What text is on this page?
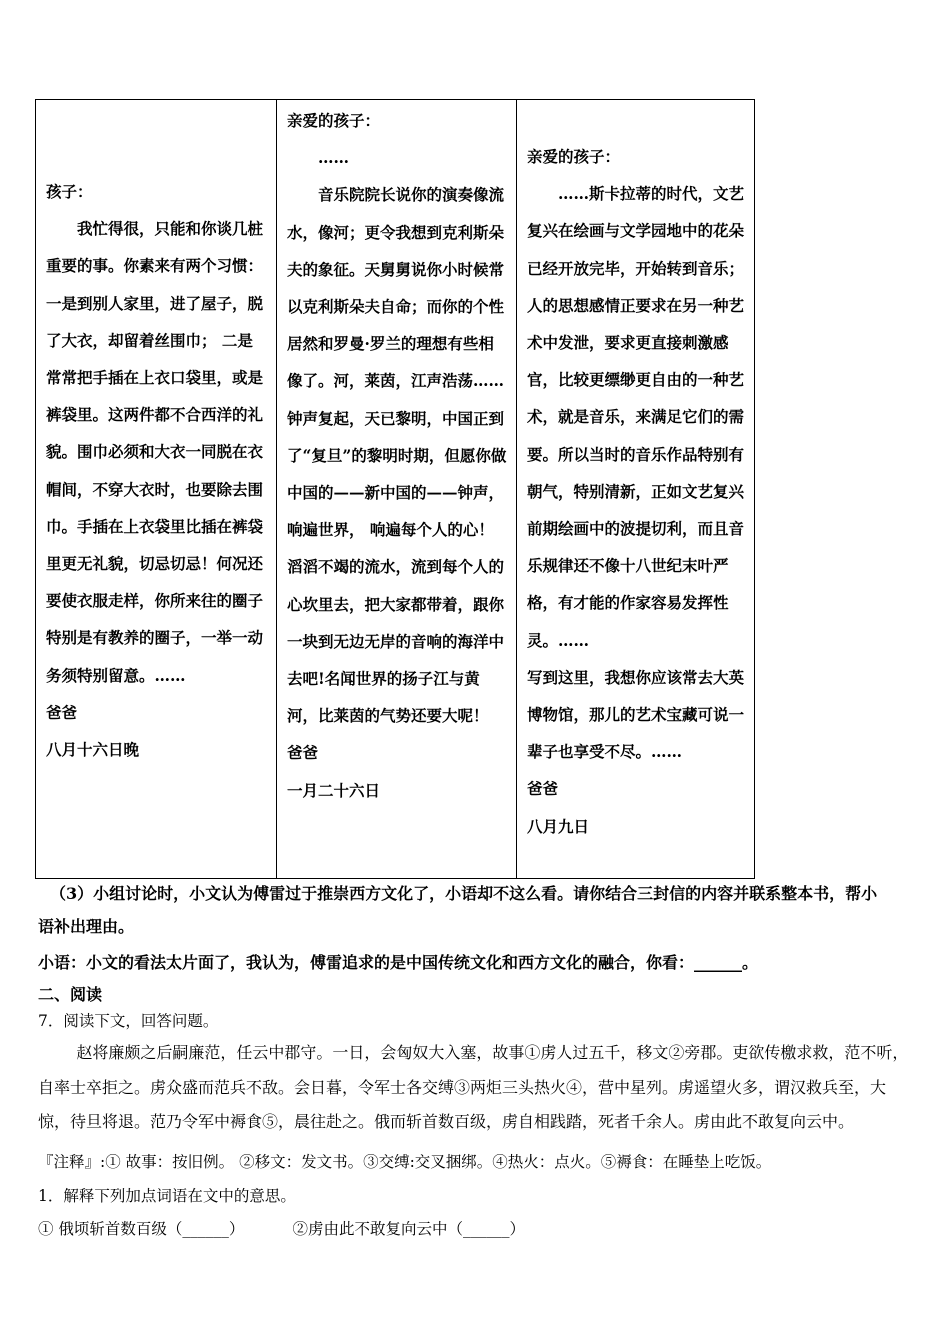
孩子：

我忙得很，只能和你谈几桩重要的事。你素来有两个习惯：一是到别人家里，进了屋子，脱了大衣，却留着丝围巾； 二是常常把手插在上衣口袋里，或是裤袋里。这两件都不合西洋的礼貌。围巾必须和大衣一同脱在衣帽间，不穿大衣时，也要除去围巾。手插在上衣袋里比插在裤袋里更无礼貌，切忌切忌！何况还要使衣服走样，你所来往的圈子特别是有教养的圈子，一举一动务须特别留意。……

爸爸

八月十六日晚

亲爱的孩子：

……

音乐院院长说你的演奏像流水，像河；更令我想到克利斯朵夫的象征。天舅舅说你小时候常以克利斯朵夫自命；而你的个性居然和罗曼·罗兰的理想有些相像了。河，莱茵，江声浩荡……钟声复起，天已黎明，中国正到了“复旦”的黎明时期，但愿你做中国的——新中国的——钟声，响遍世界， 响遍每个人的心！滔滔不竭的流水，流到每个人的心坎里去，把大家都带着，跟你一块到无边无岸的音响的海洋中去吧!名闻世界的扬子江与黄河，比莱茵的气势还要大呢！

爸爸

一月二十六日

亲爱的孩子：

……斯卡拉蒂的时代，文艺复兴在绘画与文学园地中的花朵已经开放完毕，开始转到音乐；人的思想感情正要求在另一种艺术中发泄，要求更直接刺激感官，比较更缥缈更自由的一种艺术，就是音乐，来满足它们的需要。所以当时的音乐作品特别有朝气，特别清新，正如文艺复兴前期绘画中的波提切利，而且音乐规律还不像十八世纪末叶严格，有才能的作家容易发挥性灵。……

写到这里，我想你应该常去大英博物馆，那儿的艺术宝藏可说一辈子也享受不尽。……

爸爸

八月九日

（3）小组讨论时，小文认为傅雷过于推崇西方文化了，小语却不这么看。请你结合三封信的内容并联系整本书，帮小
语补出理由。
小语：小文的看法太片面了，我认为，傅雷追求的是中国传统文化和西方文化的融合，你看：______。
二、阅读
7．阅读下文，回答问题。

赵将廉颇之后嗣廉范，任云中郡守。一日，会匈奴大入塞，故事①虏人过五千，移文②旁郡。吏欲传檄求救，范不听，自率士卒拒之。虏众盛而范兵不敌。会日暮，令军士各交缚③两炬三头热火④，营中星列。虏遥望火多，谓汉救兵至，大惊，待旦将退。范乃令军中褥食⑤，晨往赴之。俄而斩首数百级，虏自相践踏，死者千余人。虏由此不敢复向云中。

『注释』:① 故事：按旧例。 ②移文：发文书。③交缚:交叉捆绑。④热火：点火。⑤褥食：在睡垫上吃饭。
1．解释下列加点词语在文中的意思。
① 俄顷斩首数百级（______）	②虏由此不敢复向云中（______）
